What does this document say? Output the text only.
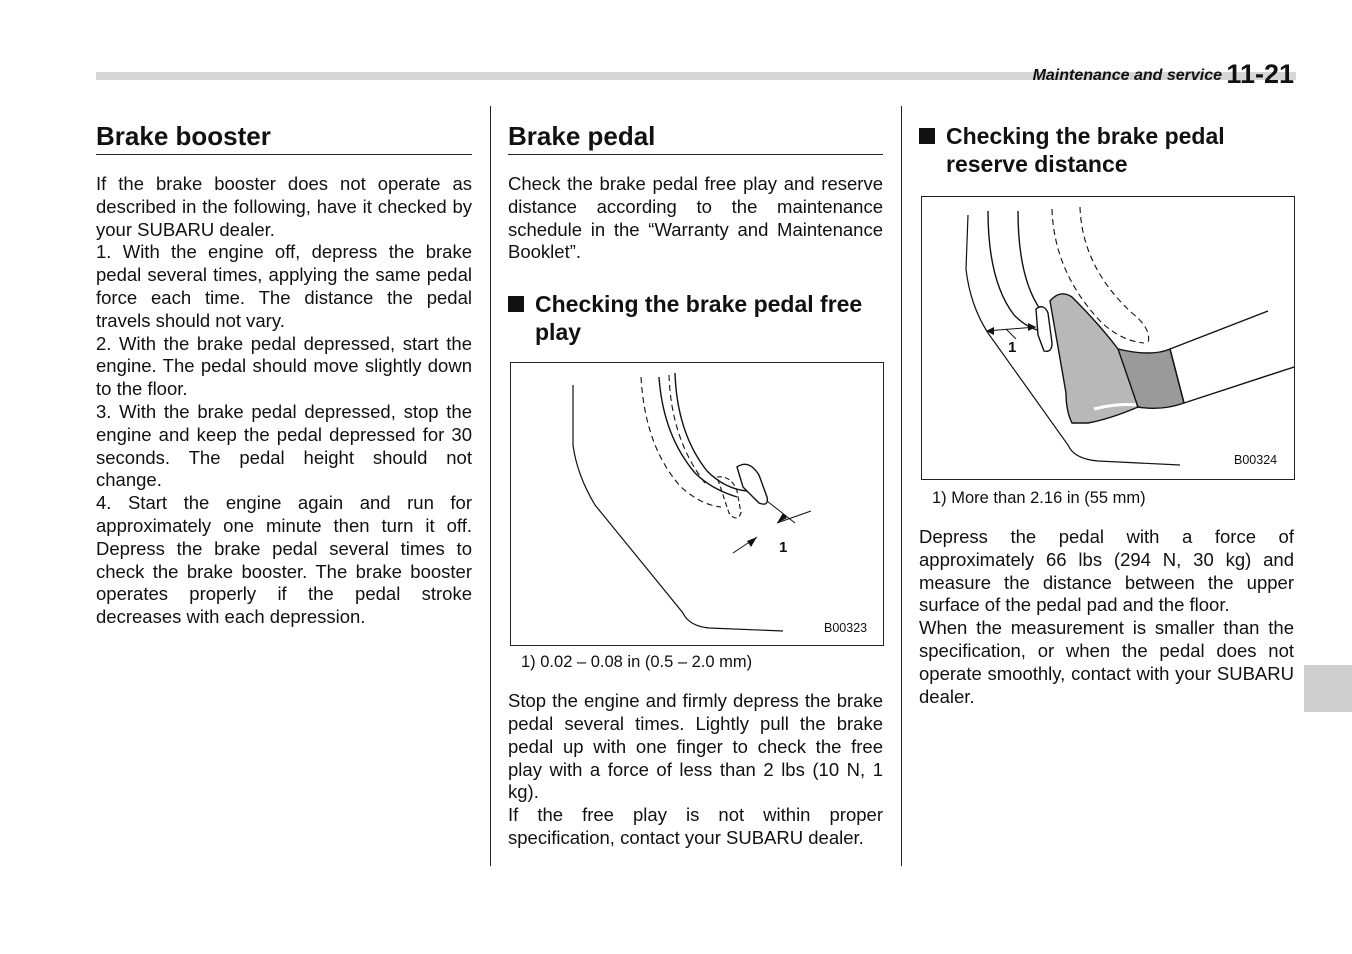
Maintenance and service 11-21
Brake booster

If the brake booster does not operate as described in the following, have it checked by your SUBARU dealer.

1. With the engine off, depress the brake pedal several times, applying the same pedal force each time. The distance the pedal travels should not vary.

2. With the brake pedal depressed, start the engine. The pedal should move slightly down to the floor.

3. With the brake pedal depressed, stop the engine and keep the pedal depressed for 30 seconds. The pedal height should not change.

4. Start the engine again and run for approximately one minute then turn it off. Depress the brake pedal several times to check the brake booster. The brake booster operates properly if the pedal stroke decreases with each depression.

Brake pedal

Check the brake pedal free play and reserve distance according to the maintenance schedule in the “Warranty and Maintenance Booklet”.

Checking the brake pedal free play
1
B00323
1) 0.02 – 0.08 in (0.5 – 2.0 mm)

Stop the engine and firmly depress the brake pedal several times. Lightly pull the brake pedal up with one finger to check the free play with a force of less than 2 lbs (10 N, 1 kg).

If the free play is not within proper specification, contact your SUBARU dealer.

Checking the brake pedal reserve distance
1
B00324
1) More than 2.16 in (55 mm)

Depress the pedal with a force of approximately 66 lbs (294 N, 30 kg) and measure the distance between the upper surface of the pedal pad and the floor.

When the measurement is smaller than the specification, or when the pedal does not operate smoothly, contact with your SUBARU dealer.
